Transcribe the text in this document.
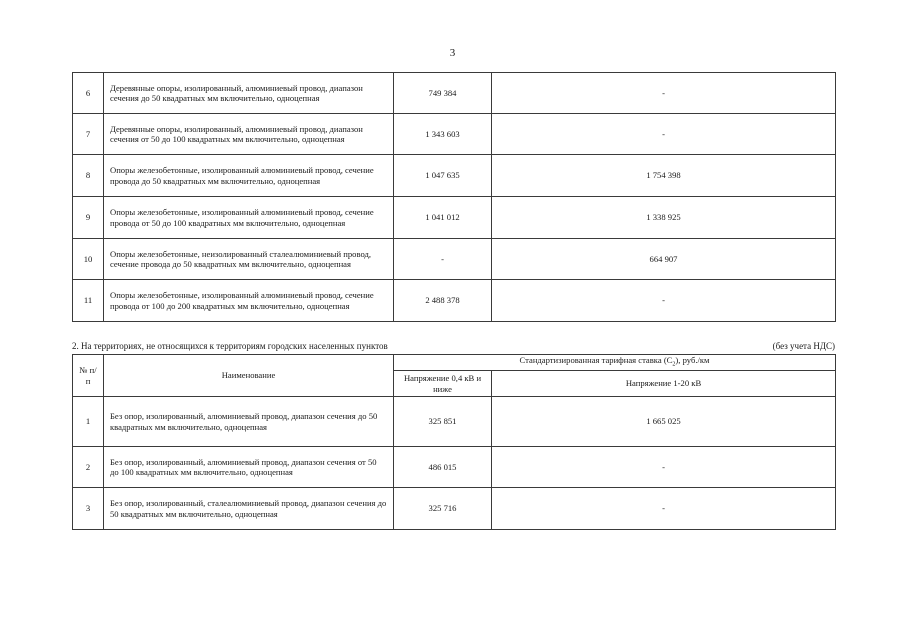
3
6	Деревянные опоры, изолированный, алюминиевый провод, диапазон сечения до 50 квадратных мм включительно, одноцепная	749 384	-
7	Деревянные опоры, изолированный, алюминиевый провод, диапазон сечения от 50 до 100 квадратных мм включительно, одноцепная	1 343 603	-
8	Опоры железобетонные, изолированный алюминиевый провод, сечение провода до 50 квадратных мм включительно, одноцепная	1 047 635	1 754 398
9	Опоры железобетонные, изолированный алюминиевый провод, сечение провода от 50 до 100 квадратных мм включительно, одноцепная	1 041 012	1 338 925
10	Опоры железобетонные, неизолированный сталеалюминиевый провод, сечение провода до 50 квадратных мм включительно, одноцепная	-	664 907
11	Опоры железобетонные, изолированный алюминиевый провод, сечение провода от 100 до 200 квадратных мм включительно, одноцепная	2 488 378	-
2. На территориях, не относящихся к территориям городских населенных пунктов	(без учета НДС)
№ п/п	Наименование	Стандартизированная тарифная ставка $(C_2)$, руб./км	
		Напряжение 0,4 кВ и ниже	Напряжение 1-20 кВ
1	Без опор, изолированный, алюминиевый провод, диапазон сечения до 50 квадратных мм включительно, одноцепная	325 851	1 665 025
2	Без опор, изолированный, алюминиевый провод, диапазон сечения от 50 до 100 квадратных мм включительно, одноцепная	486 015	-
3	Без опор, изолированный, сталеалюминиевый провод, диапазон сечения до 50 квадратных мм включительно, одноцепная	325 716	-
